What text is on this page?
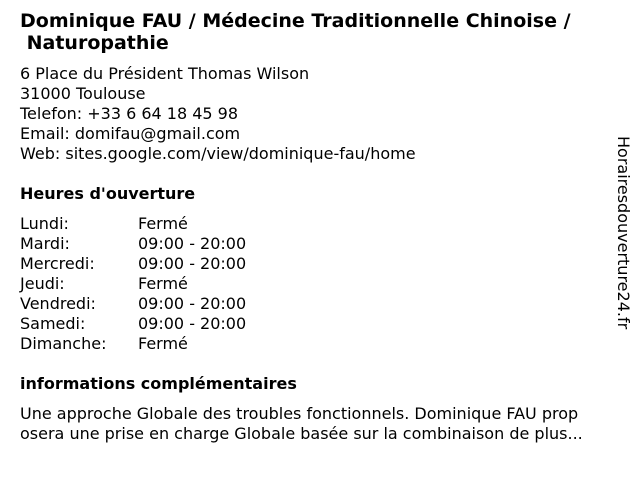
Dominique FAU / Médecine Traditionnelle Chinoise /
Naturopathie
6 Place du Président Thomas Wilson
31000 Toulouse
Telefon: +33 6 64 18 45 98
Email: domifau@gmail.com
Web: sites.google.com/view/dominique-fau/home
Heures d'ouverture
Lundi:	Fermé
Mardi:	09:00 - 20:00
Mercredi:	09:00 - 20:00
Jeudi:	Fermé
Vendredi:	09:00 - 20:00
Samedi:	09:00 - 20:00
Dimanche:	Fermé
informations complémentaires
Une approche Globale des troubles fonctionnels. Dominique FAU prop
osera une prise en charge Globale basée sur la combinaison de plus...
Horairesdouverture24.fr
